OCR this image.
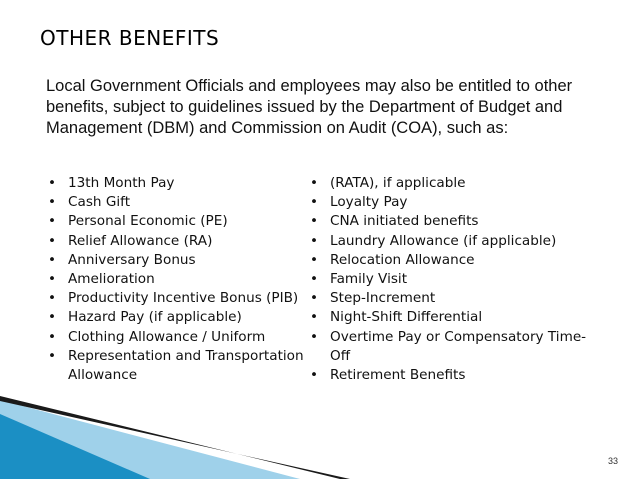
OTHER BENEFITS
Local Government Officials and employees may also be entitled to other benefits, subject to guidelines issued by the Department of Budget and Management (DBM) and Commission on Audit (COA), such as:
• 13th Month Pay
• Cash Gift
• Personal Economic (PE)
• Relief Allowance (RA)
• Anniversary Bonus
• Amelioration
• Productivity Incentive Bonus (PIB)
• Hazard Pay (if applicable)
• Clothing Allowance / Uniform
• Representation and Transportation Allowance
• (RATA), if applicable
• Loyalty Pay
• CNA initiated benefits
• Laundry Allowance (if applicable)
• Relocation Allowance
• Family Visit
• Step-Increment
• Night-Shift Differential
• Overtime Pay or Compensatory Time-Off
• Retirement Benefits
33
